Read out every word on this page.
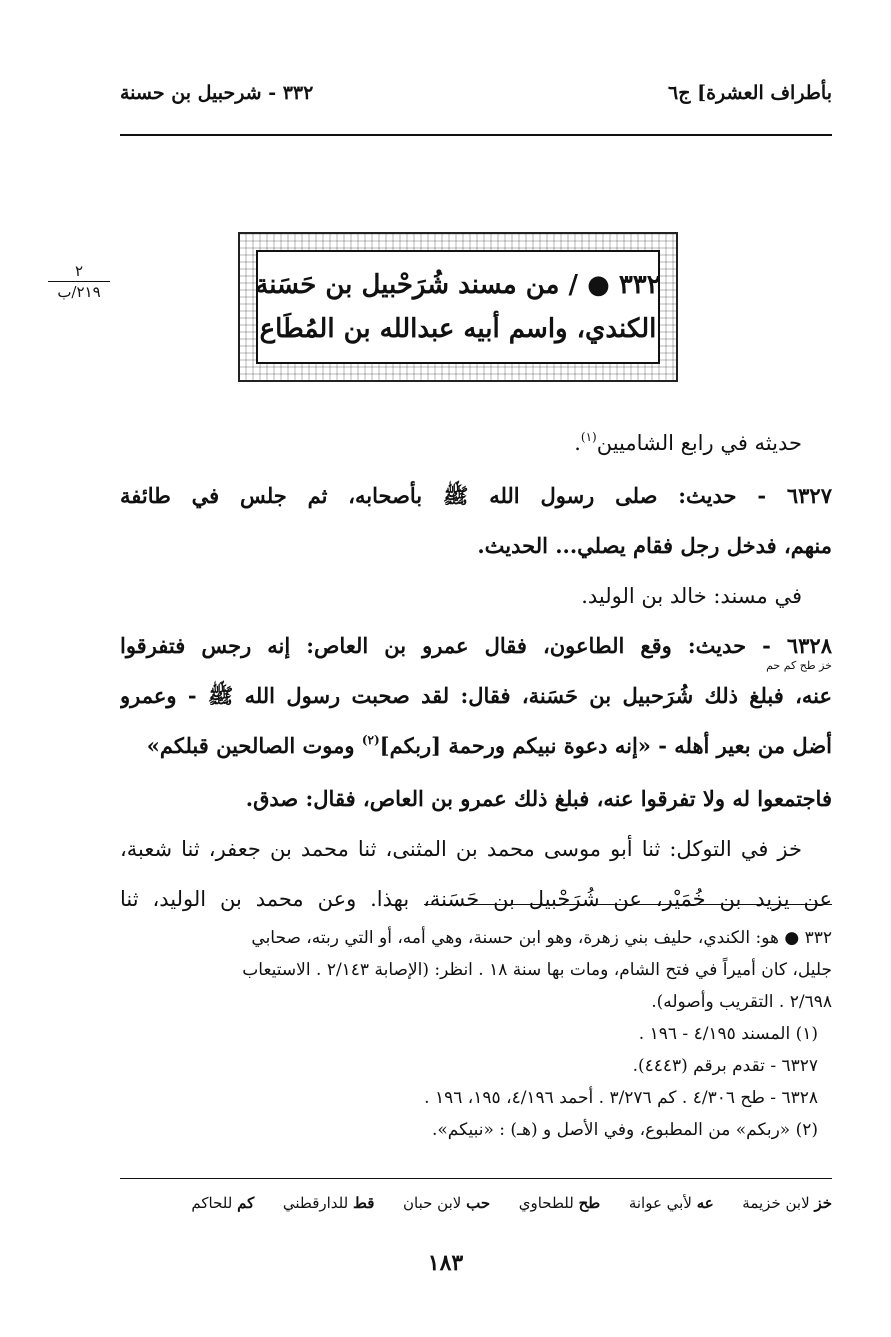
بأطراف العشرة] ج٦
٣٣٢ - شرحبيل بن حسنة
٢
٢١٩/ب	٣٣٢ ● / من مسند شُرَحْبيل بن حَسَنة
الكندي، واسم أبيه عبدالله بن المُطَاع
حديثه في رابع الشاميين$^{(١)}$.
٦٣٢٧ - حديث: صلى رسول الله ﷺ بأصحابه، ثم جلس في طائفة
منهم، فدخل رجل فقام يصلي... الحديث.
في مسند: خالد بن الوليد.
٦٣٢٨ - حديث: وقع الطاعون، فقال عمرو بن العاص: إنه رجس فتفرقوا
خز طح كم حم
عنه، فبلغ ذلك شُرَحبيل بن حَسَنة، فقال: لقد صحبت رسول الله ﷺ - وعمرو
أضل من بعير أهله - «إنه دعوة نبيكم ورحمة [ربكم]$^{(٢)}$ وموت الصالحين قبلكم»
فاجتمعوا له ولا تفرقوا عنه، فبلغ ذلك عمرو بن العاص، فقال: صدق.
خز في التوكل: ثنا أبو موسى محمد بن المثنى، ثنا محمد بن جعفر، ثنا شعبة،
عن يزيد بن خُمَيْر، عن شُرَحْبيل بن حَسَنة، بهذا. وعن محمد بن الوليد، ثنا
٣٣٢ ● هو: الكندي، حليف بني زهرة، وهو ابن حسنة، وهي أمه، أو التي ربته، صحابي
جليل، كان أميراً في فتح الشام، ومات بها سنة ١٨ . انظر: (الإصابة ٢/١٤٣ . الاستيعاب
٢/٦٩٨ . التقريب وأصوله).
(١) المسند ٤/١٩٥ - ١٩٦ .
٦٣٢٧ - تقدم برقم (٤٤٤٣).
٦٣٢٨ - طح ٤/٣٠٦ . كم ٣/٢٧٦ . أحمد ٤/١٩٦، ١٩٥، ١٩٦ .
(٢) «ربكم» من المطبوع، وفي الأصل و (هـ) : «نبيكم».
خز لابن خزيمة      عه لأبي عوانة      طح للطحاوي      حب لابن حبان      قط للدارقطني      كم للحاكم
١٨٣
